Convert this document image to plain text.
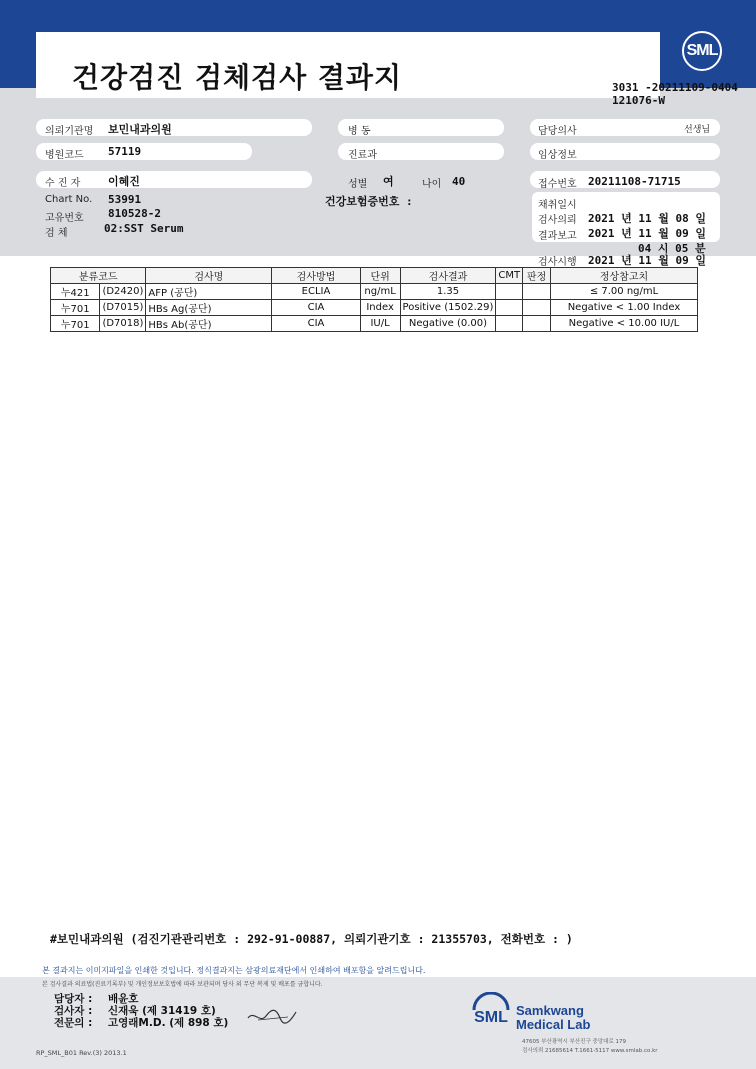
건강검진 검체검사 결과지
SML
3031 -20211109-0404
121076-W
의뢰기관명 보민내과의원	병 동	담당의사	선생님
병원코드 57119	진료과	임상정보
수 진 자	이혜진	성별 여	나이 40	접수번호 20211108-71715
Chart No. 53991
고유번호 810528-2
건강보험증번호 :
검 체	02:SST Serum
채취일시
검사의뢰 2021 년 11 월 08 일
결과보고 2021 년 11 월 09 일
04 시 05 분
검사시행 2021 년 11 월 09 일
분류코드		검사명	검사방법	단위	검사결과	CMT	판정	정상참고치
누421	(D2420)	AFP (공단)	ECLIA	ng/mL	1.35			≤ 7.00 ng/mL
누701	(D7015)	HBs Ag(공단)	CIA	Index	Positive (1502.29)			Negative < 1.00 Index
누701	(D7018)	HBs Ab(공단)	CIA	IU/L	Negative (0.00)			Negative < 10.00 IU/L
#보민내과의원 (검진기관관리번호 : 292-91-00887, 의뢰기관기호 : 21355703, 전화번호 : )
본 결과지는 이미지파일을 인쇄한 것입니다. 정식결과지는 삼광의료재단에서 인쇄하여 배포함을 알려드립니다.
본 검사결과 의료법(진료기록부) 및 개인정보보호법에 따라 보관되며 당사 외 무단 복제 및 배포를 금합니다.
담당자 : 배윤호
검사자 : 신재욱 (제 31419 호)
전문의 : 고영래M.D. (제 898 호)	SML Samkwang
Medical Lab
47605 부산광역시 부산진구 중앙대로 179
검사의뢰 21685614 T.1661-5117 www.smlab.co.kr
RP_SML_B01 Rev.(3) 2013.1
